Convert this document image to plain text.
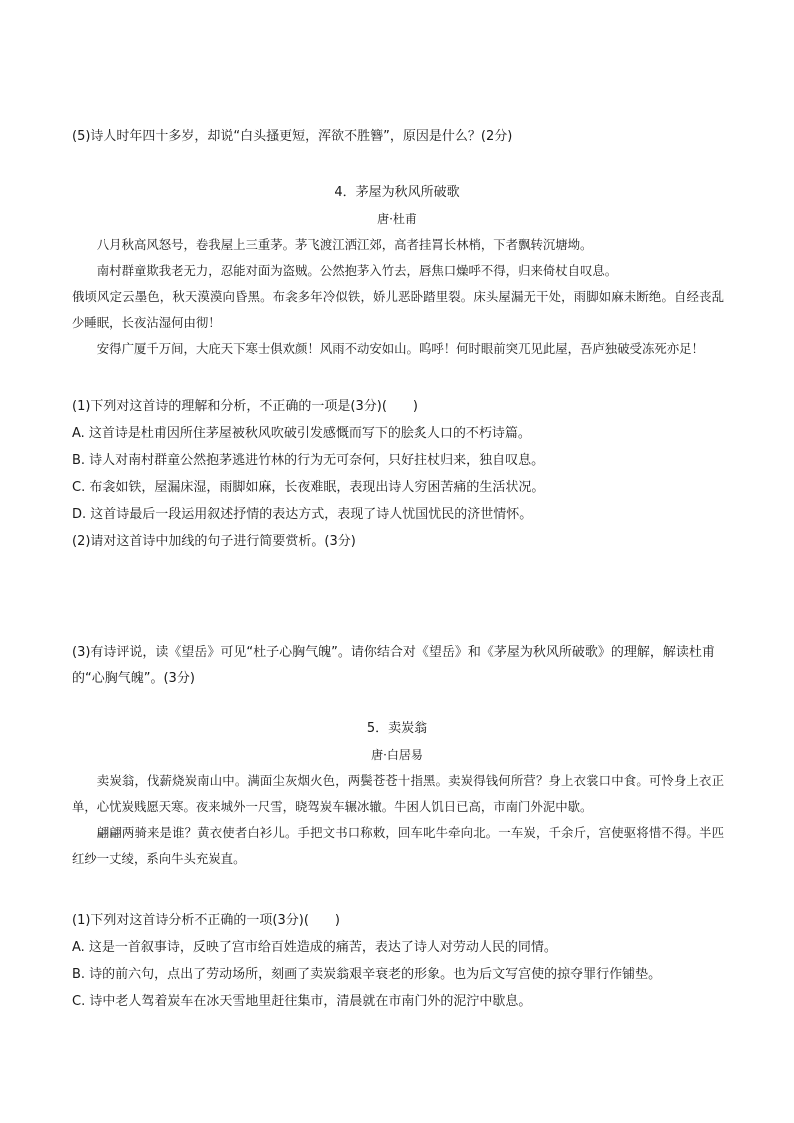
(5)诗人时年四十多岁，却说“白头搔更短，浑欲不胜簪”，原因是什么？(2分)
4．茅屋为秋风所破歌
唐·杜甫

八月秋高风怒号，卷我屋上三重茅。茅飞渡江洒江郊，高者挂罥长林梢，下者飘转沉塘坳。

南村群童欺我老无力，忍能对面为盗贼。公然抱茅入竹去，唇焦口燥呼不得，归来倚杖自叹息。

俄顷风定云墨色，秋天漠漠向昏黑。布衾多年冷似铁，娇儿恶卧踏里裂。床头屋漏无干处，雨脚如麻未断绝。自经丧乱少睡眠，长夜沾湿何由彻！

安得广厦千万间，大庇天下寒士俱欢颜！风雨不动安如山。呜呼！何时眼前突兀见此屋，吾庐独破受冻死亦足！

(1)下列对这首诗的理解和分析，不正确的一项是(3分)(　　)
A. 这首诗是杜甫因所住茅屋被秋风吹破引发感慨而写下的脍炙人口的不朽诗篇。
B. 诗人对南村群童公然抱茅逃进竹林的行为无可奈何，只好拄杖归来，独自叹息。
C. 布衾如铁，屋漏床湿，雨脚如麻，长夜难眠，表现出诗人穷困苦痛的生活状况。
D. 这首诗最后一段运用叙述抒情的表达方式，表现了诗人忧国忧民的济世情怀。
(2)请对这首诗中加线的句子进行简要赏析。(3分)
(3)有诗评说，读《望岳》可见“杜子心胸气魄”。请你结合对《望岳》和《茅屋为秋风所破歌》的理解，解读杜甫的“心胸气魄”。(3分)
5．卖炭翁
唐·白居易

卖炭翁，伐薪烧炭南山中。满面尘灰烟火色，两鬓苍苍十指黑。卖炭得钱何所营？身上衣裳口中食。可怜身上衣正单，心忧炭贱愿天寒。夜来城外一尺雪，晓驾炭车辗冰辙。牛困人饥日已高，市南门外泥中歇。

翩翩两骑来是谁？黄衣使者白衫儿。手把文书口称敕，回车叱牛牵向北。一车炭，千余斤，宫使驱将惜不得。半匹红纱一丈绫，系向牛头充炭直。

(1)下列对这首诗分析不正确的一项(3分)(　　)
A. 这是一首叙事诗，反映了宫市给百姓造成的痛苦，表达了诗人对劳动人民的同情。
B. 诗的前六句，点出了劳动场所，刻画了卖炭翁艰辛衰老的形象。也为后文写宫使的掠夺罪行作铺垫。
C. 诗中老人驾着炭车在冰天雪地里赶往集市，清晨就在市南门外的泥泞中歇息。
